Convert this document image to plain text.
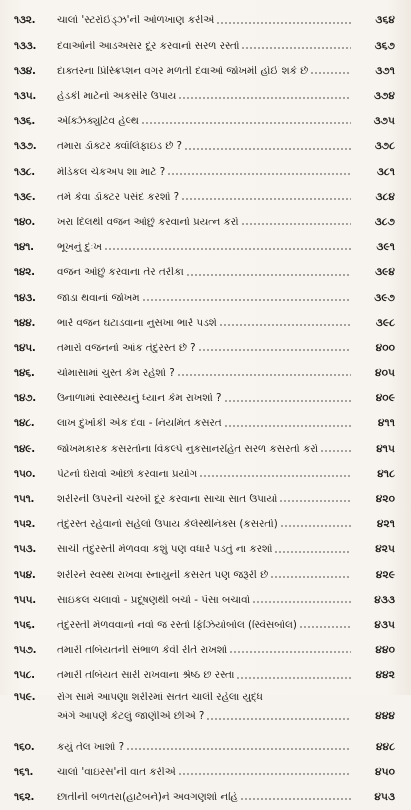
૧૩૨.	ચાલો 'સ્ટરોઈડ્ઝ'ની ઓળખાણ કરીએ	૩૬૪
૧૩૩.	દવાઓની આડઅસર દૂર કરવાનો સરળ રસ્તો	૩૬૭
૧૩૪.	દાક્તરના પ્રિસ્ક્રિપ્શન વગર મળતી દવાઓ જોખમી હોઈ શકે છે	૩૭૧
૧૩૫.	હેડકી માટેનો અકસીર ઉપાય	૩૭૪
૧૩૬.	એક્ઝિક્યુટિવ હેલ્થ	૩૭૫
૧૩૭.	તમારા ડૉક્ટર ક્વૉલિફાઇડ છે ?	૩૭૮
૧૩૮.	મેડિકલ ચેકઅપ શા માટે ?	૩૮૧
૧૩૯.	તમે કેવા ડૉક્ટર પસંદ કરશો ?	૩૮૪
૧૪૦.	ખરા દિલથી વજન ઓછું કરવાનો પ્રયત્ન કરો	૩૮૭
૧૪૧.	ભૂખનું દુઃખ	૩૯૧
૧૪૨.	વજન ઓછું કરવાના તેર તરીકા	૩૯૪
૧૪૩.	જાડા થવાનાં જોખમ	૩૯૭
૧૪૪.	ભારે વજન ઘટાડવાના નુસખા ભારે પડશે	૩૯૮
૧૪૫.	તમારો વજનનો આંક તંદુરસ્ત છે ?	૪૦૦
૧૪૬.	ચોમાસામાં ચુસ્ત કેમ રહેશો ?	૪૦૫
૧૪૭.	ઉનાળામાં સ્વાસ્થ્યનું ધ્યાન કેમ રાખશો ?	૪૦૯
૧૪૮.	લાખ દુખોંકી એક દવા - નિયમિત કસરત	૪૧૧
૧૪૯.	જોખમકારક કસરતોના વિકલ્પે નુકસાનરહિત સરળ કસરતો કરો	૪૧૫
૧૫૦.	પેટનો ઘેરાવો ઓછો કરવાના પ્રયોગ	૪૧૮
૧૫૧.	શરીરની ઉપરની ચરબી દૂર કરવાના સાચા સાત ઉપાયો	૪૨૦
૧૫૨.	તંદુરસ્ત રહેવાનો સહેલો ઉપાય કેલેસ્થેનિક્સ (કસરતો)	૪૨૧
૧૫૩.	સાચી તંદુરસ્તી મેળવવા કશું પણ વધારે પડતું ના કરશો	૪૨૫
૧૫૪.	શરીરને સ્વસ્થ રાખવા સ્નાયુની કસરત પણ જરૂરી છે	૪૨૯
૧૫૫.	સાઇકલ ચલાવો - પ્રદૂષણથી બચો - પૈસા બચાવો	૪૩૩
૧૫૬.	તંદુરસ્તી મેળવવાનો નવો જ રસ્તો ફિઝિયોબોલ (સ્વિસબોલ)	૪૩૫
૧૫૭.	તમારી તબિયતની સંભાળ કેવી રીતે રાખશો	૪૪૦
૧૫૮.	તમારી તબિયત સારી રાખવાના શ્રેષ્ઠ છ રસ્તા	૪૪૨
૧૫૯.	રોગ સામે આપણા શરીરમાં સતત ચાલી રહેલા યુદ્ધ
અંગે આપણે કેટલું જાણીએ છીએ ?	૪૪૪
૧૬૦.	કયું તેલ ખાશો ?	૪૪૮
૧૬૧.	ચાલો 'વાઇરસ'ની વાત કરીએ	૪૫૦
૧૬૨.	છાતીની બળતરા(હાર્ટબર્ન)ને અવગણશો નહિ	૪૫૩
